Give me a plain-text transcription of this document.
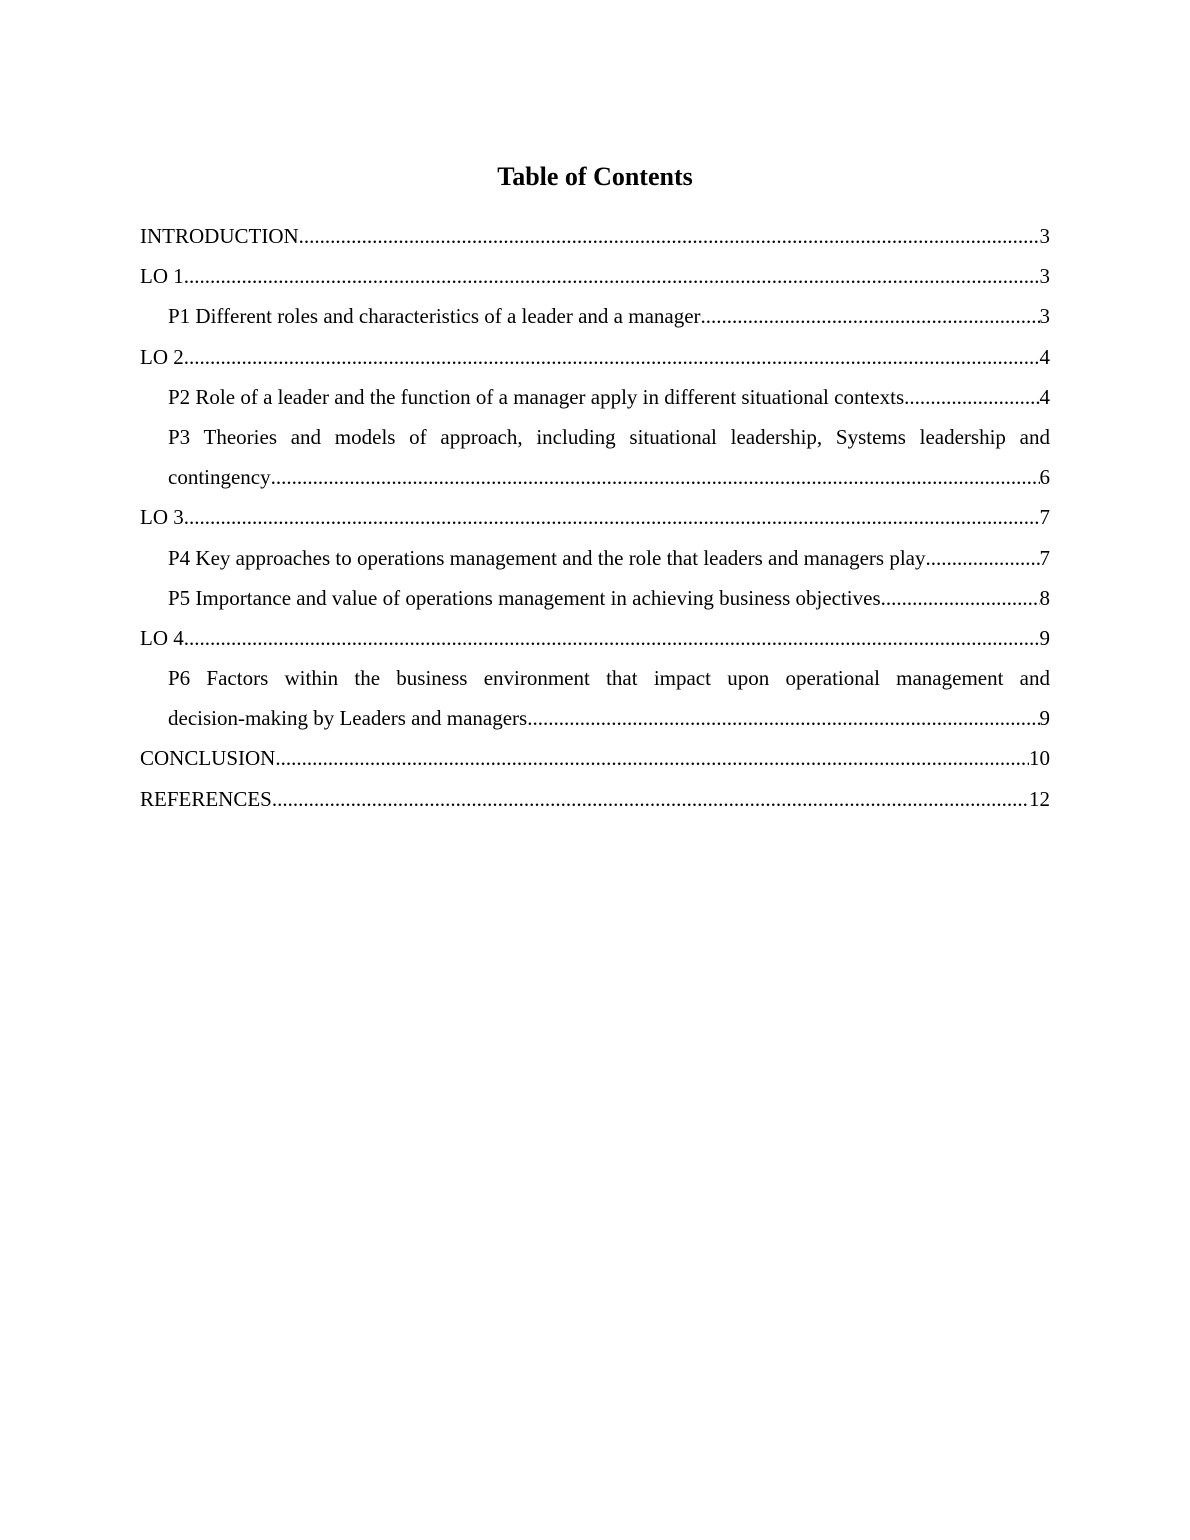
Table of Contents
INTRODUCTION .....	3
LO 1 .....	3
P1 Different roles and characteristics of a leader and a manager .....	3
LO 2 .....	4
P2 Role of a leader and the function of a manager apply in different situational contexts .....	4
P3 Theories and models of approach, including situational leadership, Systems leadership and
contingency .....	6
LO 3 .....	7
P4 Key approaches to operations management and the role that leaders and managers play .....	7
P5 Importance and value of operations management in achieving business objectives .....	8
LO 4 .....	9
P6 Factors within the business environment that impact upon operational management and
decision-making by Leaders and managers .....	9
CONCLUSION .....	10
REFERENCES .....	12
